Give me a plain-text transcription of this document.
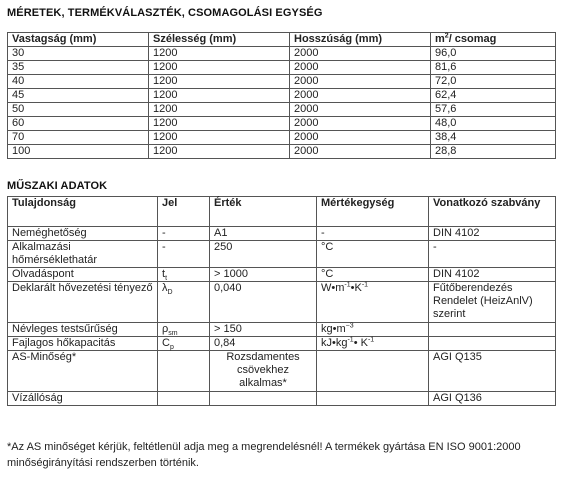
MÉRETEK, TERMÉKVÁLASZTÉK, CSOMAGOLÁSI EGYSÉG
Vastagság (mm)	Szélesség (mm)	Hosszúság (mm)	$m^2/$ csomag
30	1200	2000	96,0
35	1200	2000	81,6
40	1200	2000	72,0
45	1200	2000	62,4
50	1200	2000	57,6
60	1200	2000	48,0
70	1200	2000	38,4
100	1200	2000	28,8
MŰSZAKI ADATOK
Tulajdonság	Jel	Érték	Mértékegység	Vonatkozó szabvány
Neméghetőség	-	A1	-	DIN 4102
Alkalmazási hőmérséklethatár	-	250	°C	-
Olvadáspont	$t_t$	> 1000	°C	DIN 4102
Deklarált hővezetési tényező	$\lambda_D$	0,040	$W•m^{-1}•K^{-1}$	Fűtőberendezés Rendelet (HeizAnlV) szerint
Névleges testsűrűség	$\rho_{sm}$	> 150	$kg•m^{-3}$	
Fajlagos hőkapacitás	$C_p$	0,84	$kJ•kg^{-1}•$ $K^{-1}$	
AS-Minőség*		Rozsdamentes csövekhez alkalmas*		AGI Q135
Vízállóság				AGI Q136
*Az AS minőséget kérjük, feltétlenül adja meg a megrendelésnél! A termékek gyártása EN ISO 9001:2000 minőségirányítási rendszerben történik.
